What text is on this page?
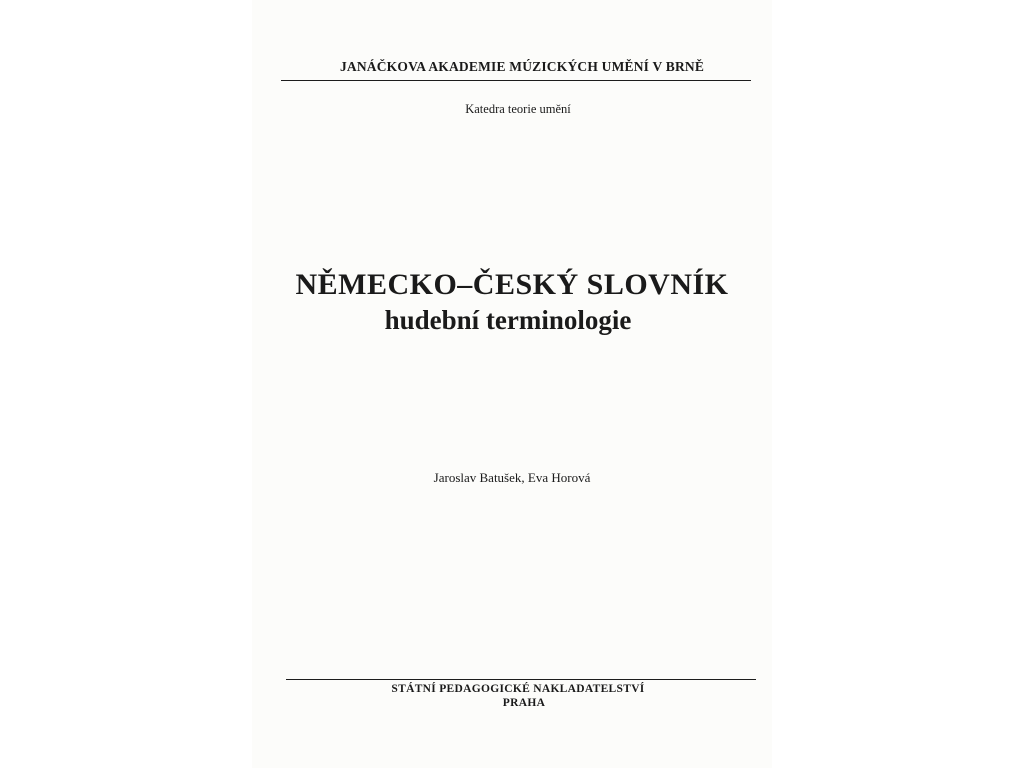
JANÁČKOVA AKADEMIE MÚZICKÝCH UMĚNÍ V BRNĚ
Katedra teorie umění
NĚMECKO–ČESKÝ SLOVNÍK
hudební terminologie
Jaroslav Batušek, Eva Horová
STÁTNÍ PEDAGOGICKÉ NAKLADATELSTVÍ
PRAHA
